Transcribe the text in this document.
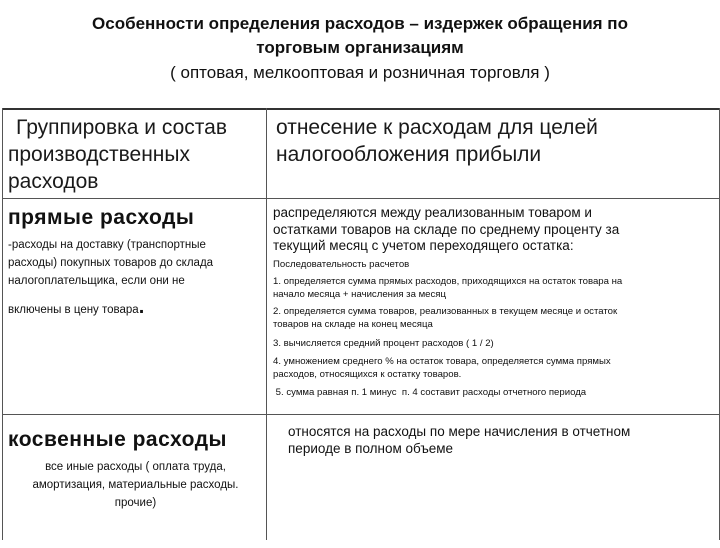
Особенности определения расходов – издержек обращения по
торговым организациям
( оптовая, мелкооптовая и розничная торговля )
Группировка и состав
производственных
расходов
отнесение к расходам для целей
налогообложения прибыли
прямые расходы
-расходы на доставку (транспортные
расходы) покупных товаров до склада
налогоплательщика, если они не
включены в цену товара.
распределяются между реализованным товаром и
остатками товаров на складе по среднему проценту за
текущий месяц с учетом переходящего остатка:
Последовательность расчетов
1. определяется сумма прямых расходов, приходящихся на остаток товара на
начало месяца + начисления за месяц
2. определяется сумма товаров, реализованных в текущем месяце и остаток
товаров на складе на конец месяца
3. вычисляется средний процент расходов ( 1 / 2)
4. умножением среднего % на остаток товара, определяется сумма прямых
расходов, относящихся к остатку товаров.
5. сумма равная п. 1 минус  п. 4 составит расходы отчетного периода
косвенные расходы
все иные расходы ( оплата труда,
амортизация, материальные расходы.
прочие)
относятся на расходы по мере начисления в отчетном
периоде в полном объеме
